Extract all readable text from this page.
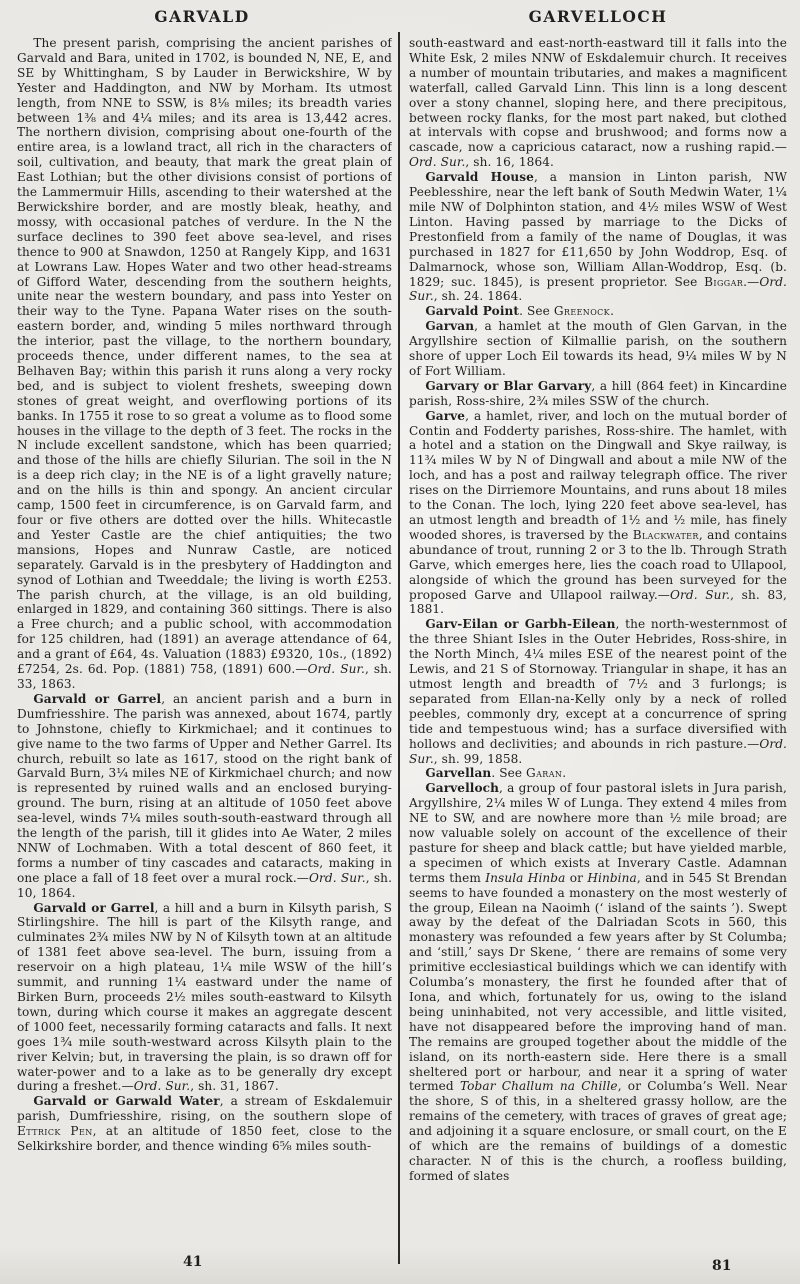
GARVALD	GARVELLOCH

The present parish, comprising the ancient parishes of Garvald and Bara, united in 1702, is bounded N, NE, E, and SE by Whittingham, S by Lauder in Berwickshire, W by Yester and Haddington, and NW by Morham. Its utmost length, from NNE to SSW, is 8⅛ miles; its breadth varies between 1⅜ and 4¼ miles; and its area is 13,442 acres. The northern division, comprising about one-fourth of the entire area, is a lowland tract, all rich in the characters of soil, cultivation, and beauty, that mark the great plain of East Lothian; but the other divisions consist of portions of the Lammermuir Hills, ascending to their watershed at the Berwickshire border, and are mostly bleak, heathy, and mossy, with occasional patches of verdure. In the N the surface declines to 390 feet above sea-level, and rises thence to 900 at Snawdon, 1250 at Rangely Kipp, and 1631 at Lowrans Law. Hopes Water and two other head-streams of Gifford Water, descending from the southern heights, unite near the western boundary, and pass into Yester on their way to the Tyne. Papana Water rises on the south-eastern border, and, winding 5 miles northward through the interior, past the village, to the northern boundary, proceeds thence, under different names, to the sea at Belhaven Bay; within this parish it runs along a very rocky bed, and is subject to violent freshets, sweeping down stones of great weight, and overflowing portions of its banks. In 1755 it rose to so great a volume as to flood some houses in the village to the depth of 3 feet. The rocks in the N include excellent sandstone, which has been quarried; and those of the hills are chiefly Silurian. The soil in the N is a deep rich clay; in the NE is of a light gravelly nature; and on the hills is thin and spongy. An ancient circular camp, 1500 feet in circumference, is on Garvald farm, and four or five others are dotted over the hills. Whitecastle and Yester Castle are the chief antiquities; the two mansions, Hopes and Nunraw Castle, are noticed separately. Garvald is in the presbytery of Haddington and synod of Lothian and Tweeddale; the living is worth £253. The parish church, at the village, is an old building, enlarged in 1829, and containing 360 sittings. There is also a Free church; and a public school, with accommodation for 125 children, had (1891) an average attendance of 64, and a grant of £64, 4s. Valuation (1883) £9320, 10s., (1892) £7254, 2s. 6d. Pop. (1881) 758, (1891) 600.—Ord. Sur., sh. 33, 1863.

Garvald or Garrel, an ancient parish and a burn in Dumfriesshire. The parish was annexed, about 1674, partly to Johnstone, chiefly to Kirkmichael; and it continues to give name to the two farms of Upper and Nether Garrel. Its church, rebuilt so late as 1617, stood on the right bank of Garvald Burn, 3¼ miles NE of Kirkmichael church; and now is represented by ruined walls and an enclosed burying-ground. The burn, rising at an altitude of 1050 feet above sea-level, winds 7¼ miles south-south-eastward through all the length of the parish, till it glides into Ae Water, 2 miles NNW of Lochmaben. With a total descent of 860 feet, it forms a number of tiny cascades and cataracts, making in one place a fall of 18 feet over a mural rock.—Ord. Sur., sh. 10, 1864.

Garvald or Garrel, a hill and a burn in Kilsyth parish, S Stirlingshire. The hill is part of the Kilsyth range, and culminates 2¾ miles NW by N of Kilsyth town at an altitude of 1381 feet above sea-level. The burn, issuing from a reservoir on a high plateau, 1¼ mile WSW of the hill’s summit, and running 1¼ eastward under the name of Birken Burn, proceeds 2½ miles south-eastward to Kilsyth town, during which course it makes an aggregate descent of 1000 feet, necessarily forming cataracts and falls. It next goes 1¾ mile south-westward across Kilsyth plain to the river Kelvin; but, in traversing the plain, is so drawn off for water-power and to a lake as to be generally dry except during a freshet.—Ord. Sur., sh. 31, 1867.

Garvald or Garwald Water, a stream of Eskdalemuir parish, Dumfriesshire, rising, on the southern slope of Ettrick Pen, at an altitude of 1850 feet, close to the Selkirkshire border, and thence winding 6⅝ miles south-

south-eastward and east-north-eastward till it falls into the White Esk, 2 miles NNW of Eskdalemuir church. It receives a number of mountain tributaries, and makes a magnificent waterfall, called Garvald Linn. This linn is a long descent over a stony channel, sloping here, and there precipitous, between rocky flanks, for the most part naked, but clothed at intervals with copse and brushwood; and forms now a cascade, now a capricious cataract, now a rushing rapid.—Ord. Sur., sh. 16, 1864.

Garvald House, a mansion in Linton parish, NW Peeblesshire, near the left bank of South Medwin Water, 1¼ mile NW of Dolphinton station, and 4½ miles WSW of West Linton. Having passed by marriage to the Dicks of Prestonfield from a family of the name of Douglas, it was purchased in 1827 for £11,650 by John Woddrop, Esq. of Dalmarnock, whose son, William Allan-Woddrop, Esq. (b. 1829; suc. 1845), is present proprietor. See Biggar.—Ord. Sur., sh. 24. 1864.

Garvald Point. See Greenock.

Garvan, a hamlet at the mouth of Glen Garvan, in the Argyllshire section of Kilmallie parish, on the southern shore of upper Loch Eil towards its head, 9¼ miles W by N of Fort William.

Garvary or Blar Garvary, a hill (864 feet) in Kincardine parish, Ross-shire, 2¾ miles SSW of the church.

Garve, a hamlet, river, and loch on the mutual border of Contin and Fodderty parishes, Ross-shire. The hamlet, with a hotel and a station on the Dingwall and Skye railway, is 11¾ miles W by N of Dingwall and about a mile NW of the loch, and has a post and railway telegraph office. The river rises on the Dirriemore Mountains, and runs about 18 miles to the Conan. The loch, lying 220 feet above sea-level, has an utmost length and breadth of 1½ and ½ mile, has finely wooded shores, is traversed by the Blackwater, and contains abundance of trout, running 2 or 3 to the lb. Through Strath Garve, which emerges here, lies the coach road to Ullapool, alongside of which the ground has been surveyed for the proposed Garve and Ullapool railway.—Ord. Sur., sh. 83, 1881.

Garv-Eilan or Garbh-Eilean, the north-westernmost of the three Shiant Isles in the Outer Hebrides, Ross-shire, in the North Minch, 4¼ miles ESE of the nearest point of the Lewis, and 21 S of Stornoway. Triangular in shape, it has an utmost length and breadth of 7½ and 3 furlongs; is separated from Ellan-na-Kelly only by a neck of rolled peebles, commonly dry, except at a concurrence of spring tide and tempestuous wind; has a surface diversified with hollows and declivities; and abounds in rich pasture.—Ord. Sur., sh. 99, 1858.

Garvellan. See Garan.

Garvelloch, a group of four pastoral islets in Jura parish, Argyllshire, 2¼ miles W of Lunga. They extend 4 miles from NE to SW, and are nowhere more than ½ mile broad; are now valuable solely on account of the excellence of their pasture for sheep and black cattle; but have yielded marble, a specimen of which exists at Inverary Castle. Adamnan terms them Insula Hinba or Hinbina, and in 545 St Brendan seems to have founded a monastery on the most westerly of the group, Eilean na Naoimh (‘ island of the saints ’). Swept away by the defeat of the Dalriadan Scots in 560, this monastery was refounded a few years after by St Columba; and ‘still,’ says Dr Skene, ‘ there are remains of some very primitive ecclesiastical buildings which we can identify with Columba’s monastery, the first he founded after that of Iona, and which, fortunately for us, owing to the island being uninhabited, not very accessible, and little visited, have not disappeared before the improving hand of man. The remains are grouped together about the middle of the island, on its north-eastern side. Here there is a small sheltered port or harbour, and near it a spring of water termed Tobar Challum na Chille, or Columba’s Well. Near the shore, S of this, in a sheltered grassy hollow, are the remains of the cemetery, with traces of graves of great age; and adjoining it a square enclosure, or small court, on the E of which are the remains of buildings of a domestic character. N of this is the church, a roofless building, formed of slates

41	81
